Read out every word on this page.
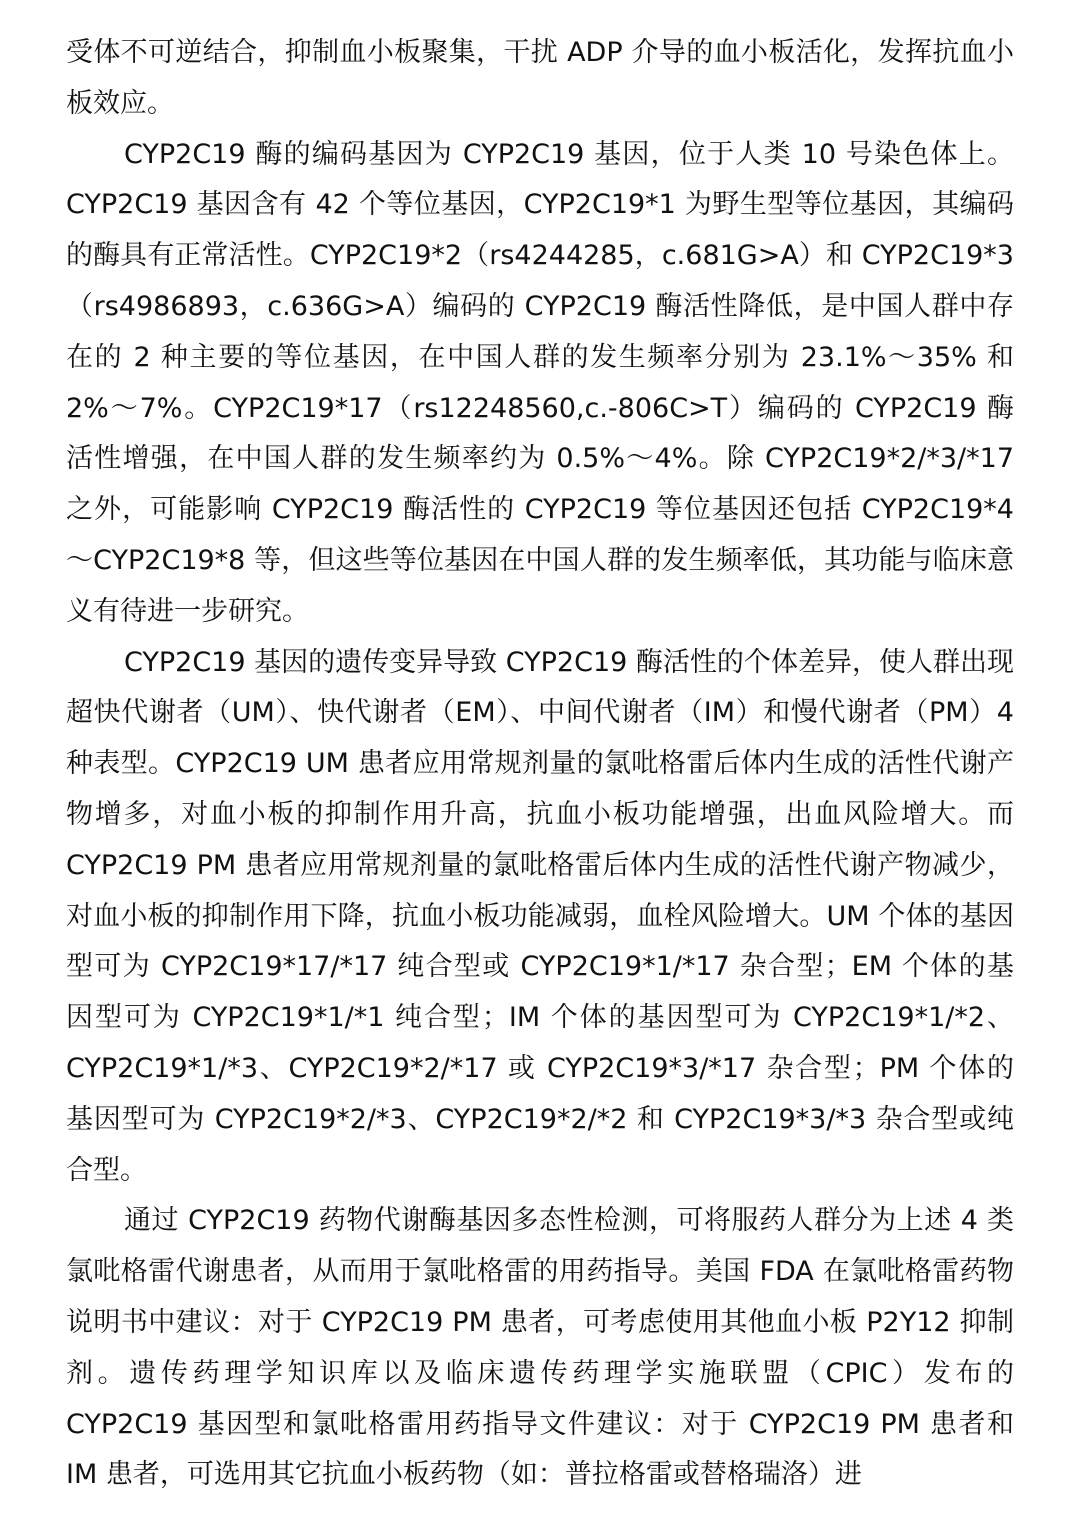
受体不可逆结合，抑制血小板聚集，干扰 ADP 介导的血小板活化，发挥抗血小板效应。

CYP2C19 酶的编码基因为 CYP2C19 基因，位于人类 10 号染色体上。CYP2C19 基因含有 42 个等位基因，CYP2C19*1 为野生型等位基因，其编码的酶具有正常活性。CYP2C19*2（rs4244285，c.681G>A）和 CYP2C19*3（rs4986893，c.636G>A）编码的 CYP2C19 酶活性降低，是中国人群中存在的 2 种主要的等位基因，在中国人群的发生频率分别为 23.1%～35% 和 2%～7%。CYP2C19*17（rs12248560,c.-806C>T）编码的 CYP2C19 酶活性增强，在中国人群的发生频率约为 0.5%～4%。除 CYP2C19*2/*3/*17 之外，可能影响 CYP2C19 酶活性的 CYP2C19 等位基因还包括 CYP2C19*4～CYP2C19*8 等，但这些等位基因在中国人群的发生频率低，其功能与临床意义有待进一步研究。

CYP2C19 基因的遗传变异导致 CYP2C19 酶活性的个体差异，使人群出现超快代谢者（UM）、快代谢者（EM）、中间代谢者（IM）和慢代谢者（PM）4 种表型。CYP2C19 UM 患者应用常规剂量的氯吡格雷后体内生成的活性代谢产物增多，对血小板的抑制作用升高，抗血小板功能增强，出血风险增大。而 CYP2C19 PM 患者应用常规剂量的氯吡格雷后体内生成的活性代谢产物减少，对血小板的抑制作用下降，抗血小板功能减弱，血栓风险增大。UM 个体的基因型可为 CYP2C19*17/*17 纯合型或 CYP2C19*1/*17 杂合型；EM 个体的基因型可为 CYP2C19*1/*1 纯合型；IM 个体的基因型可为 CYP2C19*1/*2、CYP2C19*1/*3、CYP2C19*2/*17 或 CYP2C19*3/*17 杂合型；PM 个体的基因型可为 CYP2C19*2/*3、CYP2C19*2/*2 和 CYP2C19*3/*3 杂合型或纯合型。

通过 CYP2C19 药物代谢酶基因多态性检测，可将服药人群分为上述 4 类氯吡格雷代谢患者，从而用于氯吡格雷的用药指导。美国 FDA 在氯吡格雷药物说明书中建议：对于 CYP2C19 PM 患者，可考虑使用其他血小板 P2Y12 抑制剂。遗传药理学知识库以及临床遗传药理学实施联盟（CPIC）发布的 CYP2C19 基因型和氯吡格雷用药指导文件建议：对于 CYP2C19 PM 患者和 IM 患者，可选用其它抗血小板药物（如：普拉格雷或替格瑞洛）进
